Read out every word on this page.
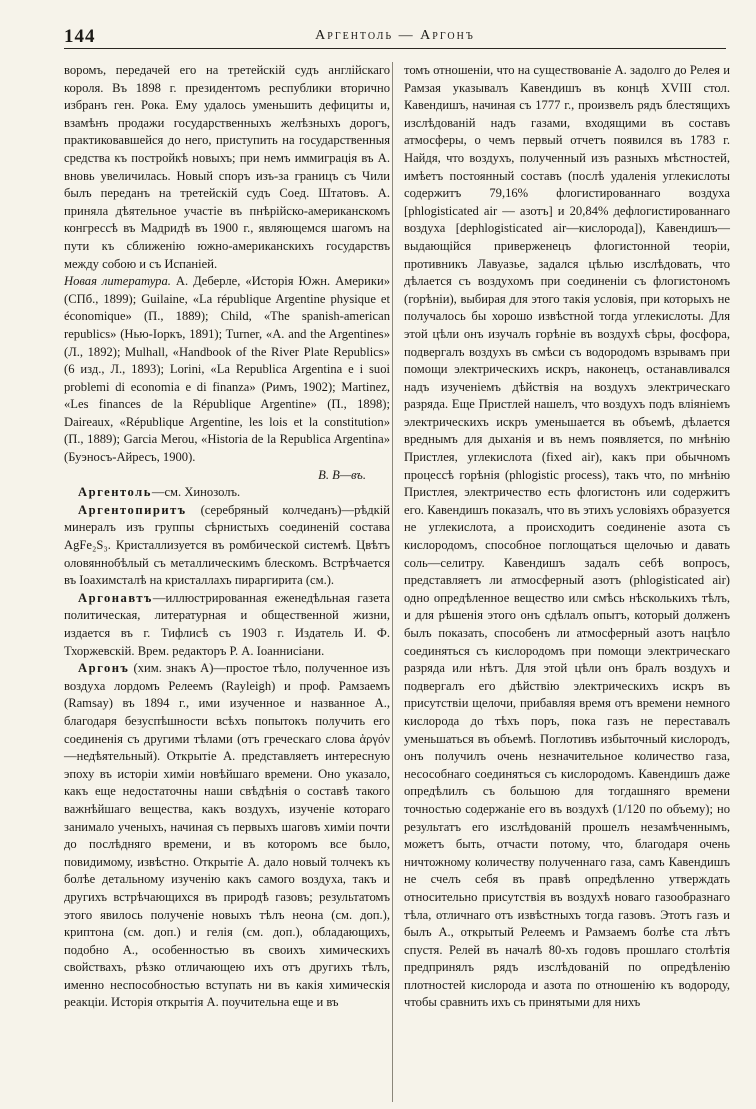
144	Аргентоль — Аргонъ

воромъ, передачей его на третейскій судъ англійскаго короля. Въ 1898 г. президентомъ республики вторично избранъ ген. Рока. Ему удалось уменьшить дефициты и, взамѣнъ продажи государственныхъ желѣзныхъ дорогъ, практиковавшейся до него, приступить на государственныя средства къ постройкѣ новыхъ; при немъ иммиграція въ А. вновь увеличилась. Новый споръ изъ-за границъ съ Чили былъ переданъ на третейскій судъ Соед. Штатовъ. А. приняла дѣятельное участіе въ пнѣрійско-американскомъ конгрессѣ въ Мадридѣ въ 1900 г., являющемся шагомъ на пути къ сближенію южно-американскихъ государствъ между собою и съ Испаніей.

Новая литература. А. Деберле, «Исторія Южн. Америки» (СПб., 1899); Guilaine, «La république Argentine physique et économique» (П., 1889); Child, «The spanish-american republics» (Нью-Іоркъ, 1891); Turner, «A. and the Argentines» (Л., 1892); Mulhall, «Handbook of the River Plate Republics» (6 изд., Л., 1893); Lorini, «La Republica Argentina e i suoi problemi di economia e di finanza» (Римъ, 1902); Martinez, «Les finances de la République Argentine» (П., 1898); Daireaux, «République Argentine, les lois et la constitution» (П., 1889); Garcia Merou, «Historia de la Republica Argentina» (Буэносъ-Айресъ, 1900).

В. В—въ.

Аргентоль—см. Хинозолъ.

Аргентопиритъ (серебряный колчеданъ)—рѣдкій минералъ изъ группы сѣрнистыхъ соединеній состава AgFe₂S₃. Кристаллизуется въ ромбической системѣ. Цвѣтъ оловяннобѣлый съ металлическимъ блескомъ. Встрѣчается въ Іоахимсталѣ на кристаллахъ пираргирита (см.).

Аргонавтъ—иллюстрированная еженедѣльная газета политическая, литературная и общественной жизни, издается въ г. Тифлисѣ съ 1903 г. Издатель И. Ф. Тхоржевскій. Врем. редакторъ Р. А. Іоаннисіани.

Аргонъ (хим. знакъ A)—простое тѣло, полученное изъ воздуха лордомъ Релеемъ (Rayleigh) и проф. Рамзаемъ (Ramsay) въ 1894 г., ими изученное и названное А., благодаря безуспѣшности всѣхъ попытокъ получить его соединенія съ другими тѣлами (отъ греческаго слова ἀργόν—недѣятельный). Открытіе А. представляетъ интересную эпоху въ исторіи химіи новѣйшаго времени. Оно указало, какъ еще недостаточны наши свѣдѣнія о составѣ такого важнѣйшаго вещества, какъ воздухъ, изученіе котораго занимало ученыхъ, начиная съ первыхъ шаговъ химіи почти до послѣдняго времени, и въ которомъ все было, повидимому, извѣстно. Открытіе А. дало новый толчекъ къ болѣе детальному изученію какъ самого воздуха, такъ и другихъ встрѣчающихся въ природѣ газовъ; результатомъ этого явилось полученіе новыхъ тѣлъ неона (см. доп.), криптона (см. доп.) и гелія (см. доп.), обладающихъ, подобно А., особенностью въ своихъ химическихъ свойствахъ, рѣзко отличающею ихъ отъ другихъ тѣлъ, именно неспособностью вступать ни въ какія химическія реакціи. Исторія открытія А. поучительна еще и въ

томъ отношеніи, что на существованіе А. задолго до Релея и Рамзая указывалъ Кавендишъ въ концѣ XVIII стол. Кавендишъ, начиная съ 1777 г., произвелъ рядъ блестящихъ изслѣдованій надъ газами, входящими въ составъ атмосферы, о чемъ первый отчетъ появился въ 1783 г. Найдя, что воздухъ, полученный изъ разныхъ мѣстностей, имѣетъ постоянный составъ (послѣ удаленія углекислоты содержитъ 79,16% флогистированнаго воздуха [phlogisticated air — азотъ] и 20,84% дефлогистированнаго воздуха [dephlogisticated air—кислорода]), Кавендишъ—выдающійся приверженецъ флогистонной теоріи, противникъ Лавуазье, задался цѣлью изслѣдовать, что дѣлается съ воздухомъ при соединеніи съ флогистономъ (горѣніи), выбирая для этого такія условія, при которыхъ не получалось бы хорошо извѣстной тогда углекислоты. Для этой цѣли онъ изучалъ горѣніе въ воздухѣ сѣры, фосфора, подвергалъ воздухъ въ смѣси съ водородомъ взрывамъ при помощи электрическихъ искръ, наконецъ, останавливался надъ изученіемъ дѣйствія на воздухъ электрическаго разряда. Еще Пристлей нашелъ, что воздухъ подъ вліяніемъ электрическихъ искръ уменьшается въ объемѣ, дѣлается вреднымъ для дыханія и въ немъ появляется, по мнѣнію Пристлея, углекислота (fixed air), какъ при обычномъ процессѣ горѣнія (phlogistic process), такъ что, по мнѣнію Пристлея, электричество есть флогистонъ или содержитъ его. Кавендишъ показалъ, что въ этихъ условіяхъ образуется не углекислота, а происходитъ соединеніе азота съ кислородомъ, способное поглощаться щелочью и давать соль—селитру. Кавендишъ задалъ себѣ вопросъ, представляетъ ли атмосферный азотъ (phlogisticated air) одно опредѣленное вещество или смѣсь нѣсколькихъ тѣлъ, и для рѣшенія этого онъ сдѣлалъ опытъ, который долженъ былъ показать, способенъ ли атмосферный азотъ нацѣло соединяться съ кислородомъ при помощи электрическаго разряда или нѣтъ. Для этой цѣли онъ бралъ воздухъ и подвергалъ его дѣйствію электрическихъ искръ въ присутствіи щелочи, прибавляя время отъ времени немного кислорода до тѣхъ поръ, пока газъ не переставалъ уменьшаться въ объемѣ. Поглотивъ избыточный кислородъ, онъ получилъ очень незначительное количество газа, несособнаго соединяться съ кислородомъ. Кавендишъ даже опредѣлилъ съ большою для тогдашняго времени точностью содержаніе его въ воздухѣ (1/120 по объему); но результатъ его изслѣдованій прошелъ незамѣченнымъ, можетъ быть, отчасти потому, что, благодаря очень ничтожному количеству полученнаго газа, самъ Кавендишъ не счелъ себя въ правѣ опредѣленно утверждать относительно присутствія въ воздухѣ новаго газообразнаго тѣла, отличнаго отъ извѣстныхъ тогда газовъ. Этотъ газъ и былъ А., открытый Релеемъ и Рамзаемъ болѣе ста лѣтъ спустя. Релей въ началѣ 80-хъ годовъ прошлаго столѣтія предпринялъ рядъ изслѣдованій по опредѣленію плотностей кислорода и азота по отношенію къ водороду, чтобы сравнить ихъ съ принятыми для нихъ
